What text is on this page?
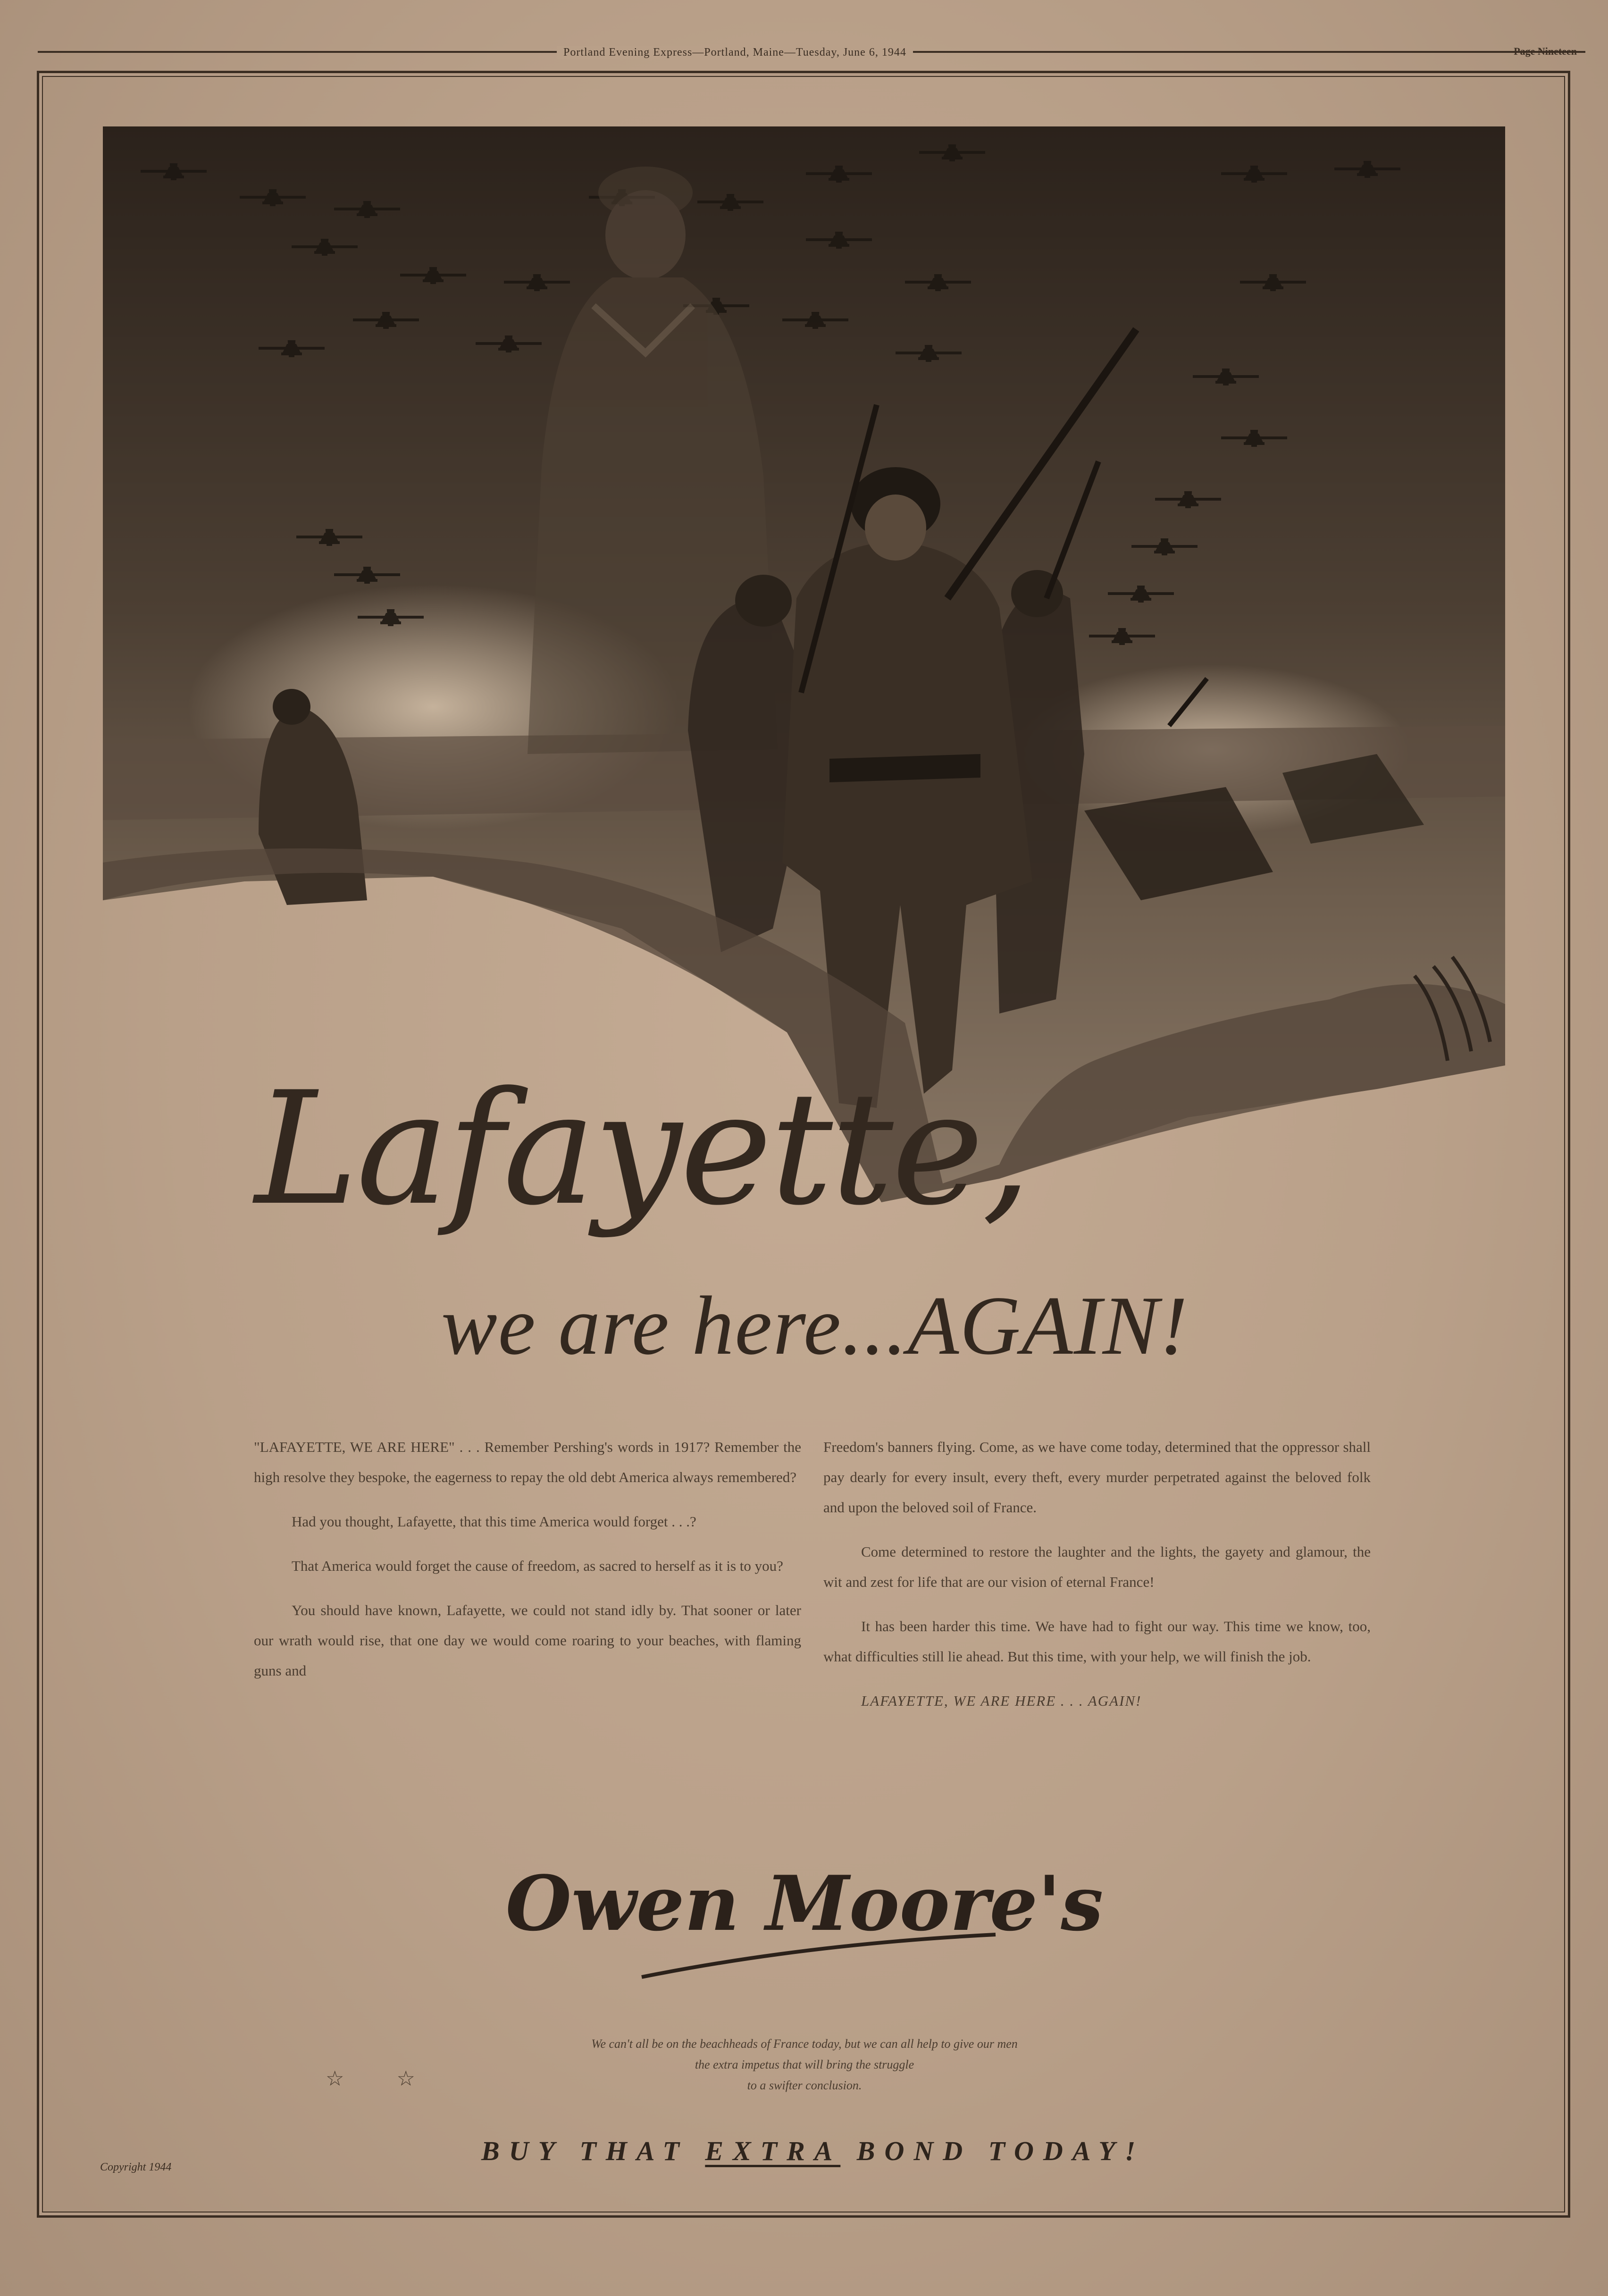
Portland Evening Express—Portland, Maine—Tuesday, June 6, 1944	Page Nineteen
Lafayette,
we are here...AGAIN!

"LAFAYETTE, WE ARE HERE" . . . Remember Pershing's words in 1917? Remember the high resolve they bespoke, the eagerness to repay the old debt America always remembered?

Had you thought, Lafayette, that this time America would forget . . .?

That America would forget the cause of freedom, as sacred to herself as it is to you?

You should have known, Lafayette, we could not stand idly by. That sooner or later our wrath would rise, that one day we would come roaring to your beaches, with flaming guns and

Freedom's banners flying. Come, as we have come today, determined that the oppressor shall pay dearly for every insult, every theft, every murder perpetrated against the beloved folk and upon the beloved soil of France.

Come determined to restore the laughter and the lights, the gayety and glamour, the wit and zest for life that are our vision of eternal France!

It has been harder this time. We have had to fight our way. This time we know, too, what difficulties still lie ahead. But this time, with your help, we will finish the job.

LAFAYETTE, WE ARE HERE . . . AGAIN!

Owen Moore's
We can't all be on the beachheads of France today, but we can all help to give our men
the extra impetus that will bring the struggle
to a swifter conclusion.
☆ ☆
BUY THAT EXTRA BOND TODAY!
Copyright 1944
